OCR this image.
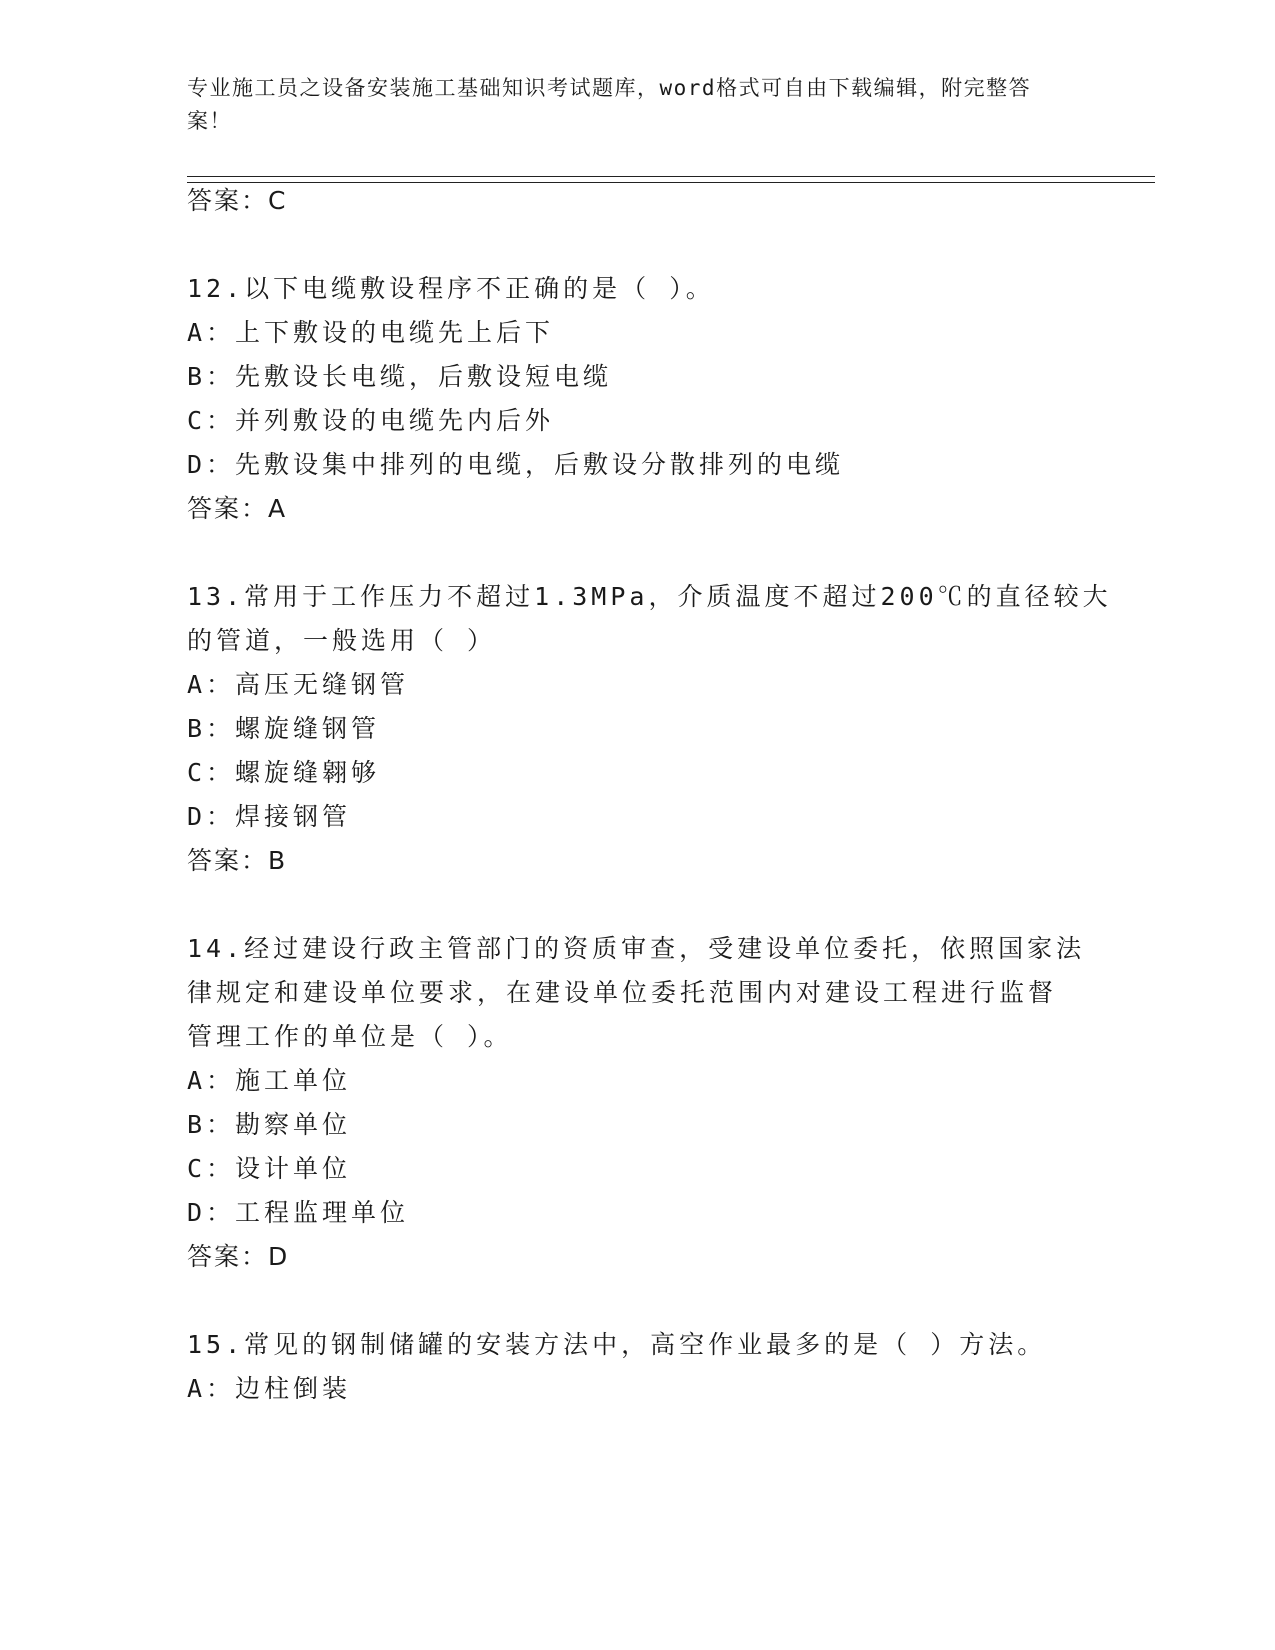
专业施工员之设备安装施工基础知识考试题库，word格式可自由下载编辑，附完整答案！
答案：C
12.以下电缆敷设程序不正确的是（ ）。
A：上下敷设的电缆先上后下
B：先敷设长电缆，后敷设短电缆
C：并列敷设的电缆先内后外
D：先敷设集中排列的电缆，后敷设分散排列的电缆
答案：A
13.常用于工作压力不超过1.3MPa，介质温度不超过200℃的直径较大
的管道，一般选用（ ）
A：高压无缝钢管
B：螺旋缝钢管
C：螺旋缝翱够
D：焊接钢管
答案：B
14.经过建设行政主管部门的资质审查，受建设单位委托，依照国家法
律规定和建设单位要求，在建设单位委托范围内对建设工程进行监督
管理工作的单位是（ ）。
A：施工单位
B：勘察单位
C：设计单位
D：工程监理单位
答案：D
15.常见的钢制储罐的安装方法中，高空作业最多的是（ ）方法。
A：边柱倒装
